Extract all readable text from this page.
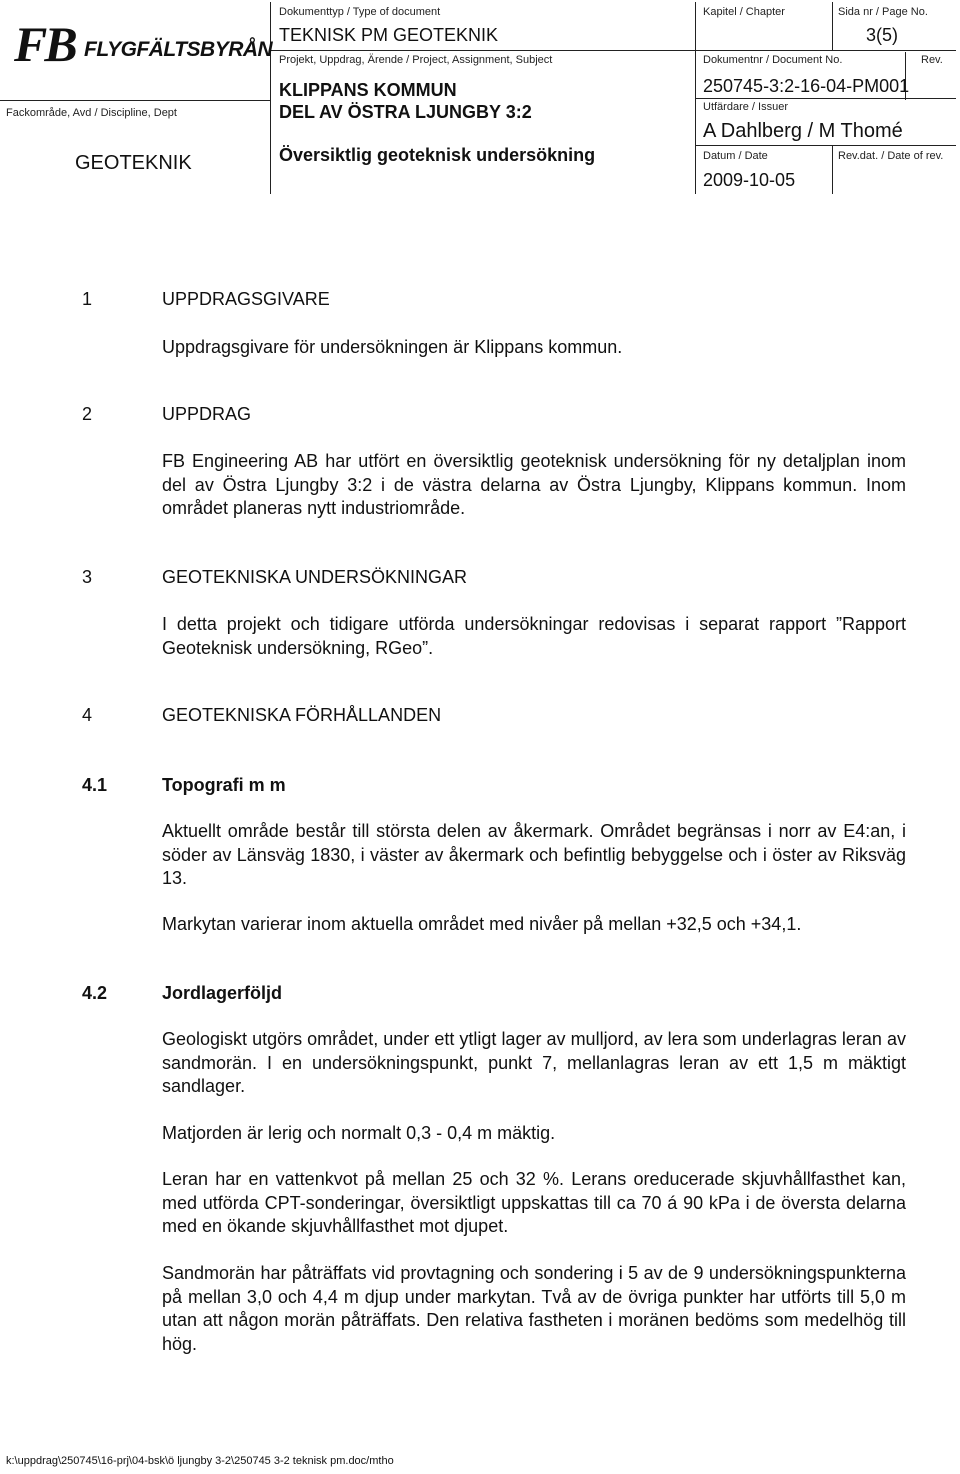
FB FLYGFÄLTSBYRÅN
Fackområde, Avd / Discipline, Dept
GEOTEKNIK
Dokumenttyp / Type of document
TEKNISK PM GEOTEKNIK
Projekt, Uppdrag, Ärende / Project, Assignment, Subject
KLIPPANS KOMMUN
DEL AV ÖSTRA LJUNGBY 3:2
Översiktlig geoteknisk undersökning
Kapitel / Chapter	Sida nr / Page No.
3(5)
Dokumentnr / Document No.	Rev.
250745-3:2-16-04-PM001
Utfärdare / Issuer
A Dahlberg / M Thomé
Datum / Date	Rev.dat. / Date of rev.
2009-10-05
1	UPPDRAGSGIVARE

Uppdragsgivare för undersökningen är Klippans kommun.

2	UPPDRAG

FB Engineering AB har utfört en översiktlig geoteknisk undersökning för ny detaljplan inom del av Östra Ljungby 3:2 i de västra delarna av Östra Ljungby, Klippans kommun. Inom området planeras nytt industriområde.

3	GEOTEKNISKA UNDERSÖKNINGAR

I detta projekt och tidigare utförda undersökningar redovisas i separat rapport ”Rapport Geoteknisk undersökning, RGeo”.

4	GEOTEKNISKA FÖRHÅLLANDEN
4.1	Topografi m m

Aktuellt område består till största delen av åkermark. Området begränsas i norr av E4:an, i söder av Länsväg 1830, i väster av åkermark och befintlig bebyggelse och i öster av Riksväg 13.

Markytan varierar inom aktuella området med nivåer på mellan +32,5 och +34,1.

4.2	Jordlagerföljd

Geologiskt utgörs området, under ett ytligt lager av mulljord, av lera som underlagras leran av sandmorän. I en undersökningspunkt, punkt 7, mellanlagras leran av ett 1,5 m mäktigt sandlager.

Matjorden är lerig och normalt 0,3 - 0,4 m mäktig.

Leran har en vattenkvot på mellan 25 och 32 %. Lerans oreducerade skjuvhållfasthet kan, med utförda CPT-sonderingar, översiktligt uppskattas till ca 70 á 90 kPa i de översta delarna med en ökande skjuvhållfasthet mot djupet.

Sandmorän har påträffats vid provtagning och sondering i 5 av de 9 undersökningspunkterna på mellan 3,0 och 4,4 m djup under markytan. Två av de övriga punkter har utförts till 5,0 m utan att någon morän påträffats. Den relativa fastheten i moränen bedöms som medelhög till hög.

k:\uppdrag\250745\16-prj\04-bsk\ö ljungby 3-2\250745 3-2 teknisk pm.doc/mtho
